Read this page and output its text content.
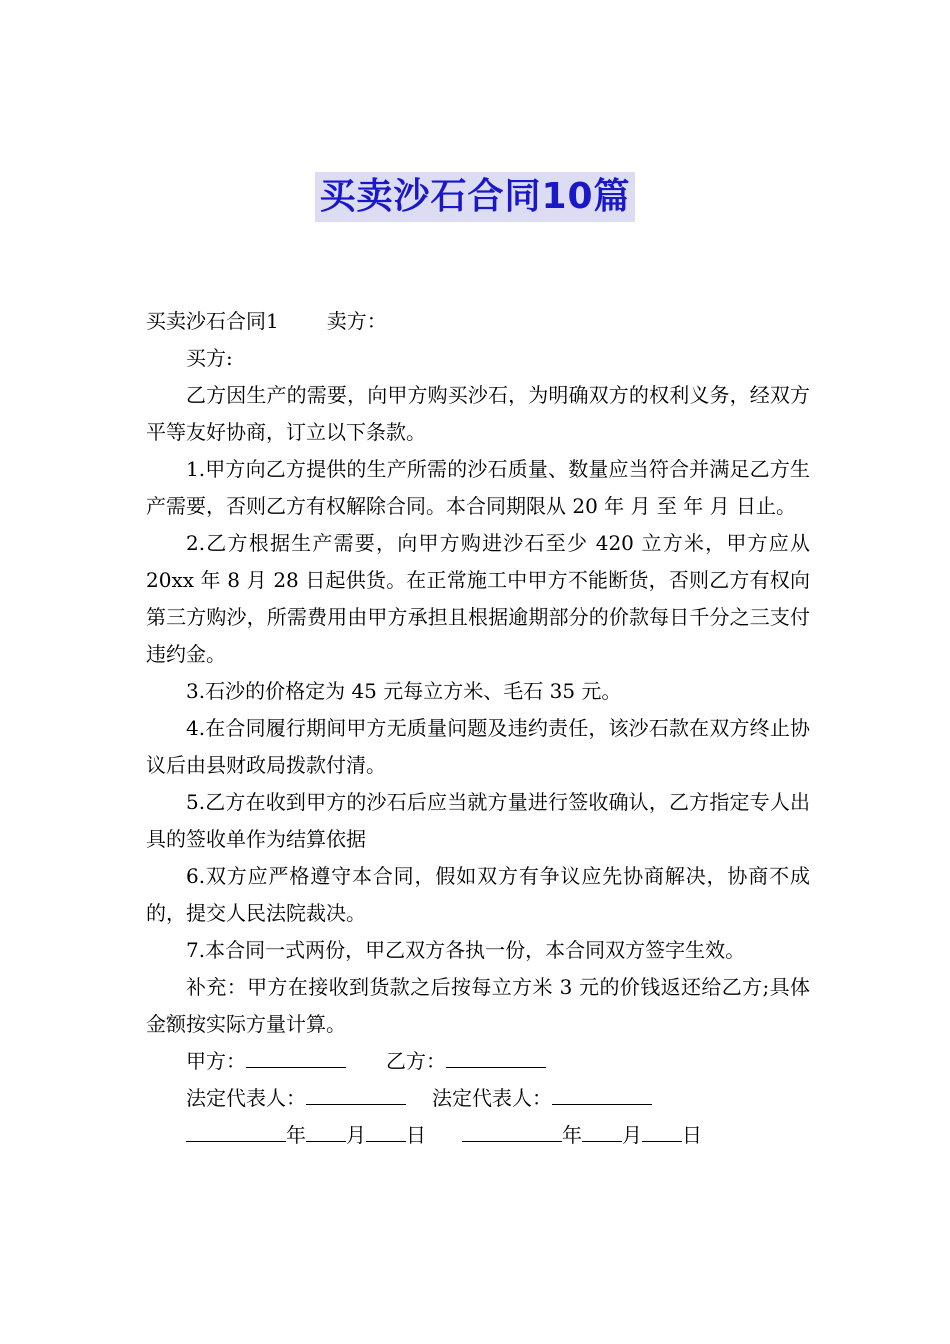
买卖沙石合同10篇

买卖沙石合同1 卖方：

买方:

乙方因生产的需要，向甲方购买沙石，为明确双方的权利义务，经双方平等友好协商，订立以下条款。

1.甲方向乙方提供的生产所需的沙石质量、数量应当符合并满足乙方生产需要，否则乙方有权解除合同。本合同期限从 20 年 月 至 年 月 日止。

2.乙方根据生产需要，向甲方购进沙石至少 420 立方米，甲方应从 20xx 年 8 月 28 日起供货。在正常施工中甲方不能断货，否则乙方有权向第三方购沙，所需费用由甲方承担且根据逾期部分的价款每日千分之三支付违约金。

3.石沙的价格定为 45 元每立方米、毛石 35 元。

4.在合同履行期间甲方无质量问题及违约责任，该沙石款在双方终止协议后由县财政局拨款付清。

5.乙方在收到甲方的沙石后应当就方量进行签收确认，乙方指定专人出具的签收单作为结算依据

6.双方应严格遵守本合同，假如双方有争议应先协商解决，协商不成的，提交人民法院裁决。

7.本合同一式两份，甲乙双方各执一份，本合同双方签字生效。

补充：甲方在接收到货款之后按每立方米 3 元的价钱返还给乙方;具体金额按实际方量计算。

甲方：	乙方：

法定代表人：	法定代表人：

年 月 日	年 月 日
